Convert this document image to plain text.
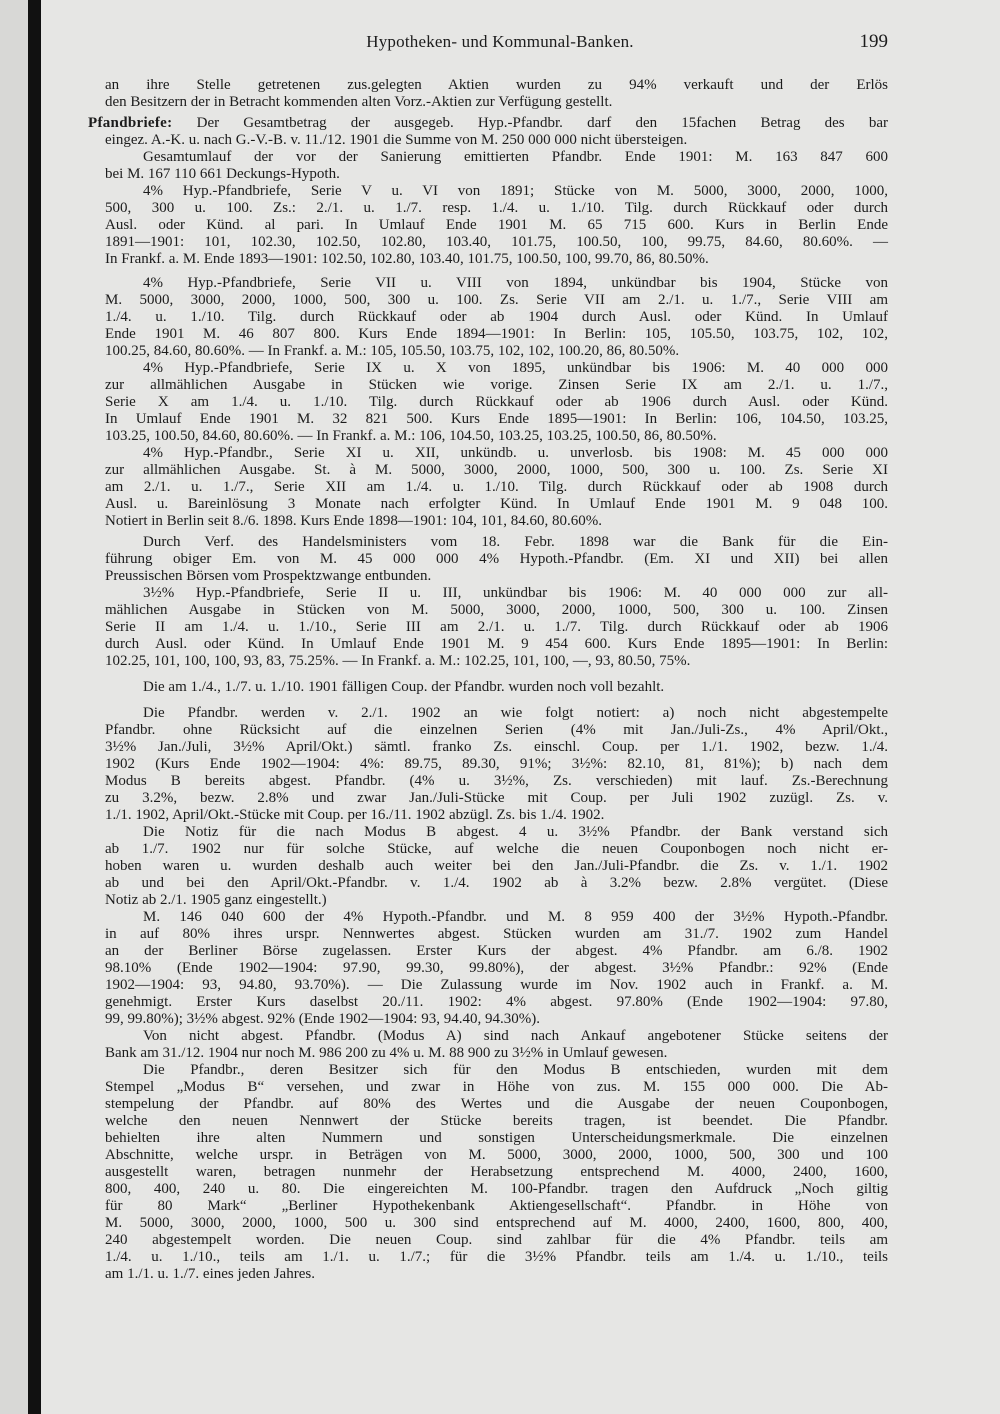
Hypotheken- und Kommunal-Banken.	199
an ihre Stelle getretenen zus.gelegten Aktien wurden zu 94% verkauft und der Erlös
den Besitzern der in Betracht kommenden alten Vorz.-Aktien zur Verfügung gestellt.
Pfandbriefe: Der Gesamtbetrag der ausgegeb. Hyp.-Pfandbr. darf den 15fachen Betrag des bar
eingez. A.-K. u. nach G.-V.-B. v. 11./12. 1901 die Summe von M. 250 000 000 nicht übersteigen.
Gesamtumlauf der vor der Sanierung emittierten Pfandbr. Ende 1901: M. 163 847 600
bei M. 167 110 661 Deckungs-Hypoth.
4% Hyp.-Pfandbriefe, Serie V u. VI von 1891; Stücke von M. 5000, 3000, 2000, 1000,
500, 300 u. 100. Zs.: 2./1. u. 1./7. resp. 1./4. u. 1./10. Tilg. durch Rückkauf oder durch
Ausl. oder Künd. al pari. In Umlauf Ende 1901 M. 65 715 600. Kurs in Berlin Ende
1891—1901: 101, 102.30, 102.50, 102.80, 103.40, 101.75, 100.50, 100, 99.75, 84.60, 80.60%. —
In Frankf. a. M. Ende 1893—1901: 102.50, 102.80, 103.40, 101.75, 100.50, 100, 99.70, 86, 80.50%.
4% Hyp.-Pfandbriefe, Serie VII u. VIII von 1894, unkündbar bis 1904, Stücke von
M. 5000, 3000, 2000, 1000, 500, 300 u. 100. Zs. Serie VII am 2./1. u. 1./7., Serie VIII am
1./4. u. 1./10. Tilg. durch Rückkauf oder ab 1904 durch Ausl. oder Künd. In Umlauf
Ende 1901 M. 46 807 800. Kurs Ende 1894—1901: In Berlin: 105, 105.50, 103.75, 102, 102,
100.25, 84.60, 80.60%. — In Frankf. a. M.: 105, 105.50, 103.75, 102, 102, 100.20, 86, 80.50%.
4% Hyp.-Pfandbriefe, Serie IX u. X von 1895, unkündbar bis 1906: M. 40 000 000
zur allmählichen Ausgabe in Stücken wie vorige. Zinsen Serie IX am 2./1. u. 1./7.,
Serie X am 1./4. u. 1./10. Tilg. durch Rückkauf oder ab 1906 durch Ausl. oder Künd.
In Umlauf Ende 1901 M. 32 821 500. Kurs Ende 1895—1901: In Berlin: 106, 104.50, 103.25,
103.25, 100.50, 84.60, 80.60%. — In Frankf. a. M.: 106, 104.50, 103.25, 103.25, 100.50, 86, 80.50%.
4% Hyp.-Pfandbr., Serie XI u. XII, unkündb. u. unverlosb. bis 1908: M. 45 000 000
zur allmählichen Ausgabe. St. à M. 5000, 3000, 2000, 1000, 500, 300 u. 100. Zs. Serie XI
am 2./1. u. 1./7., Serie XII am 1./4. u. 1./10. Tilg. durch Rückkauf oder ab 1908 durch
Ausl. u. Bareinlösung 3 Monate nach erfolgter Künd. In Umlauf Ende 1901 M. 9 048 100.
Notiert in Berlin seit 8./6. 1898. Kurs Ende 1898—1901: 104, 101, 84.60, 80.60%.
Durch Verf. des Handelsministers vom 18. Febr. 1898 war die Bank für die Ein-
führung obiger Em. von M. 45 000 000 4% Hypoth.-Pfandbr. (Em. XI und XII) bei allen
Preussischen Börsen vom Prospektzwange entbunden.
3½% Hyp.-Pfandbriefe, Serie II u. III, unkündbar bis 1906: M. 40 000 000 zur all-
mählichen Ausgabe in Stücken von M. 5000, 3000, 2000, 1000, 500, 300 u. 100. Zinsen
Serie II am 1./4. u. 1./10., Serie III am 2./1. u. 1./7. Tilg. durch Rückkauf oder ab 1906
durch Ausl. oder Künd. In Umlauf Ende 1901 M. 9 454 600. Kurs Ende 1895—1901: In Berlin:
102.25, 101, 100, 100, 93, 83, 75.25%. — In Frankf. a. M.: 102.25, 101, 100, —, 93, 80.50, 75%.
Die am 1./4., 1./7. u. 1./10. 1901 fälligen Coup. der Pfandbr. wurden noch voll bezahlt.
Die Pfandbr. werden v. 2./1. 1902 an wie folgt notiert: a) noch nicht abgestempelte
Pfandbr. ohne Rücksicht auf die einzelnen Serien (4% mit Jan./Juli-Zs., 4% April/Okt.,
3½% Jan./Juli, 3½% April/Okt.) sämtl. franko Zs. einschl. Coup. per 1./1. 1902, bezw. 1./4.
1902 (Kurs Ende 1902—1904: 4%: 89.75, 89.30, 91%; 3½%: 82.10, 81, 81%); b) nach dem
Modus B bereits abgest. Pfandbr. (4% u. 3½%, Zs. verschieden) mit lauf. Zs.-Berechnung
zu 3.2%, bezw. 2.8% und zwar Jan./Juli-Stücke mit Coup. per Juli 1902 zuzügl. Zs. v.
1./1. 1902, April/Okt.-Stücke mit Coup. per 16./11. 1902 abzügl. Zs. bis 1./4. 1902.
Die Notiz für die nach Modus B abgest. 4 u. 3½% Pfandbr. der Bank verstand sich
ab 1./7. 1902 nur für solche Stücke, auf welche die neuen Couponbogen noch nicht er-
hoben waren u. wurden deshalb auch weiter bei den Jan./Juli-Pfandbr. die Zs. v. 1./1. 1902
ab und bei den April/Okt.-Pfandbr. v. 1./4. 1902 ab à 3.2% bezw. 2.8% vergütet. (Diese
Notiz ab 2./1. 1905 ganz eingestellt.)
M. 146 040 600 der 4% Hypoth.-Pfandbr. und M. 8 959 400 der 3½% Hypoth.-Pfandbr.
in auf 80% ihres urspr. Nennwertes abgest. Stücken wurden am 31./7. 1902 zum Handel
an der Berliner Börse zugelassen. Erster Kurs der abgest. 4% Pfandbr. am 6./8. 1902
98.10% (Ende 1902—1904: 97.90, 99.30, 99.80%), der abgest. 3½% Pfandbr.: 92% (Ende
1902—1904: 93, 94.80, 93.70%). — Die Zulassung wurde im Nov. 1902 auch in Frankf. a. M.
genehmigt. Erster Kurs daselbst 20./11. 1902: 4% abgest. 97.80% (Ende 1902—1904: 97.80,
99, 99.80%); 3½% abgest. 92% (Ende 1902—1904: 93, 94.40, 94.30%).
Von nicht abgest. Pfandbr. (Modus A) sind nach Ankauf angebotener Stücke seitens der
Bank am 31./12. 1904 nur noch M. 986 200 zu 4% u. M. 88 900 zu 3½% in Umlauf gewesen.
Die Pfandbr., deren Besitzer sich für den Modus B entschieden, wurden mit dem
Stempel „Modus B“ versehen, und zwar in Höhe von zus. M. 155 000 000. Die Ab-
stempelung der Pfandbr. auf 80% des Wertes und die Ausgabe der neuen Couponbogen,
welche den neuen Nennwert der Stücke bereits tragen, ist beendet. Die Pfandbr.
behielten ihre alten Nummern und sonstigen Unterscheidungsmerkmale. Die einzelnen
Abschnitte, welche urspr. in Beträgen von M. 5000, 3000, 2000, 1000, 500, 300 und 100
ausgestellt waren, betragen nunmehr der Herabsetzung entsprechend M. 4000, 2400, 1600,
800, 400, 240 u. 80. Die eingereichten M. 100-Pfandbr. tragen den Aufdruck „Noch giltig
für 80 Mark“ „Berliner Hypothekenbank Aktiengesellschaft“. Pfandbr. in Höhe von
M. 5000, 3000, 2000, 1000, 500 u. 300 sind entsprechend auf M. 4000, 2400, 1600, 800, 400,
240 abgestempelt worden. Die neuen Coup. sind zahlbar für die 4% Pfandbr. teils am
1./4. u. 1./10., teils am 1./1. u. 1./7.; für die 3½% Pfandbr. teils am 1./4. u. 1./10., teils
am 1./1. u. 1./7. eines jeden Jahres.
